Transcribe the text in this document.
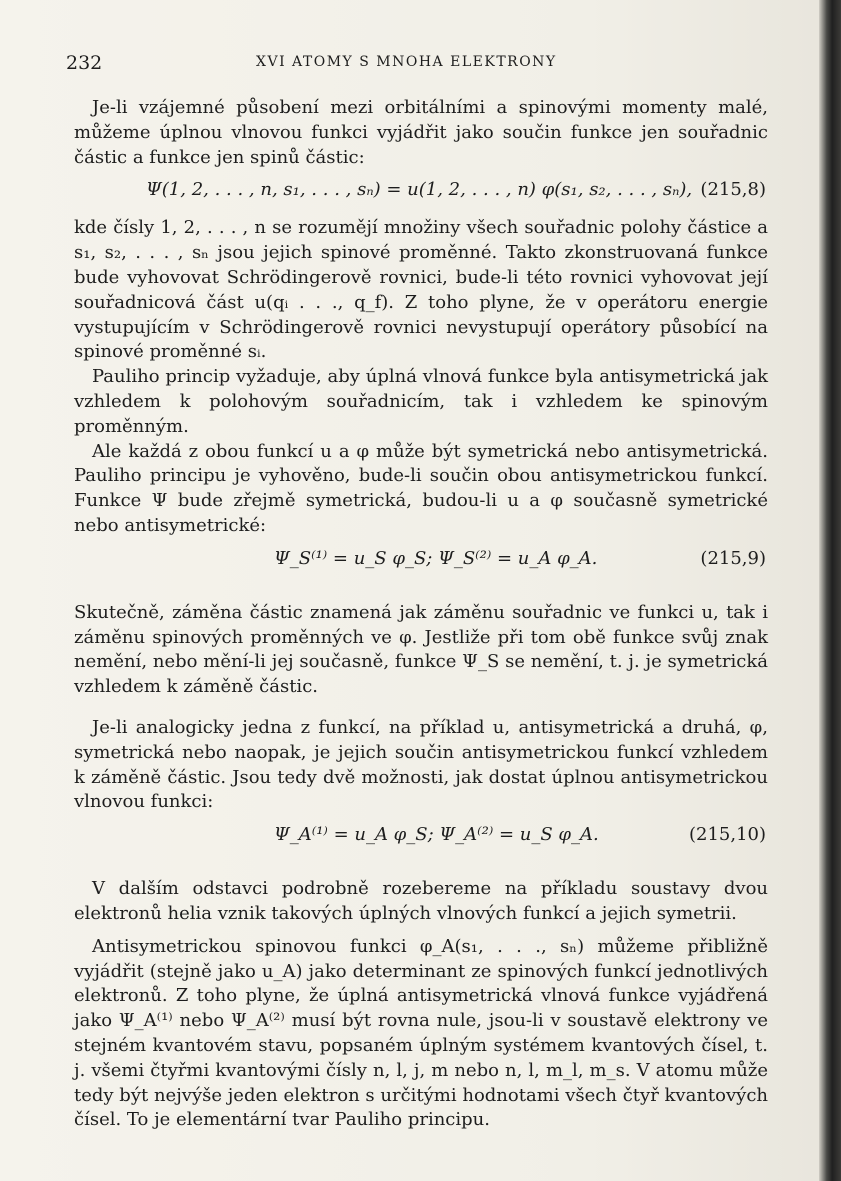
232	XVI ATOMY S MNOHA ELEKTRONY

Je-li vzájemné působení mezi orbitálními a spinovými momenty malé, můžeme úplnou vlnovou funkci vyjádřit jako součin funkce jen souřadnic částic a funkce jen spinů částic:

Ψ(1, 2, . . . , n, s₁, . . . , sₙ) = u(1, 2, . . . , n) φ(s₁, s₂, . . . , sₙ), (215,8)

kde čísly 1, 2, . . . , n se rozumějí množiny všech souřadnic polohy částice a s₁, s₂, . . . , sₙ jsou jejich spinové proměnné. Takto zkonstruovaná funkce bude vyhovovat Schrödingerově rovnici, bude-li této rovnici vyhovovat její souřadnicová část u(qᵢ . . ., q_f). Z toho plyne, že v operátoru energie vystupujícím v Schrödingerově rovnici nevystupují operátory působící na spinové proměnné sᵢ.

Pauliho princip vyžaduje, aby úplná vlnová funkce byla antisymetrická jak vzhledem k polohovým souřadnicím, tak i vzhledem ke spinovým proměnným.

Ale každá z obou funkcí u a φ může být symetrická nebo antisymetrická. Pauliho principu je vyhověno, bude-li součin obou antisymetrickou funkcí. Funkce Ψ bude zřejmě symetrická, budou-li u a φ současně symetrické nebo antisymetrické:

Ψ_S⁽¹⁾ = u_S φ_S; Ψ_S⁽²⁾ = u_A φ_A.	(215,9)

Skutečně, záměna částic znamená jak záměnu souřadnic ve funkci u, tak i záměnu spinových proměnných ve φ. Jestliže při tom obě funkce svůj znak nemění, nebo mění-li jej současně, funkce Ψ_S se nemění, t. j. je symetrická vzhledem k záměně částic.

Je-li analogicky jedna z funkcí, na příklad u, antisymetrická a druhá, φ, symetrická nebo naopak, je jejich součin antisymetrickou funkcí vzhledem k záměně částic. Jsou tedy dvě možnosti, jak dostat úplnou antisymetrickou vlnovou funkci:

Ψ_A⁽¹⁾ = u_A φ_S; Ψ_A⁽²⁾ = u_S φ_A.	(215,10)

V dalším odstavci podrobně rozebereme na příkladu soustavy dvou elektronů helia vznik takových úplných vlnových funkcí a jejich symetrii.

Antisymetrickou spinovou funkci φ_A(s₁, . . ., sₙ) můžeme přibližně vyjádřit (stejně jako u_A) jako determinant ze spinových funkcí jednotlivých elektronů. Z toho plyne, že úplná antisymetrická vlnová funkce vyjádřená jako Ψ_A⁽¹⁾ nebo Ψ_A⁽²⁾ musí být rovna nule, jsou-li v soustavě elektrony ve stejném kvantovém stavu, popsaném úplným systémem kvantových čísel, t. j. všemi čtyřmi kvantovými čísly n, l, j, m nebo n, l, m_l, m_s. V atomu může tedy být nejvýše jeden elektron s určitými hodnotami všech čtyř kvantových čísel. To je elementární tvar Pauliho principu.
